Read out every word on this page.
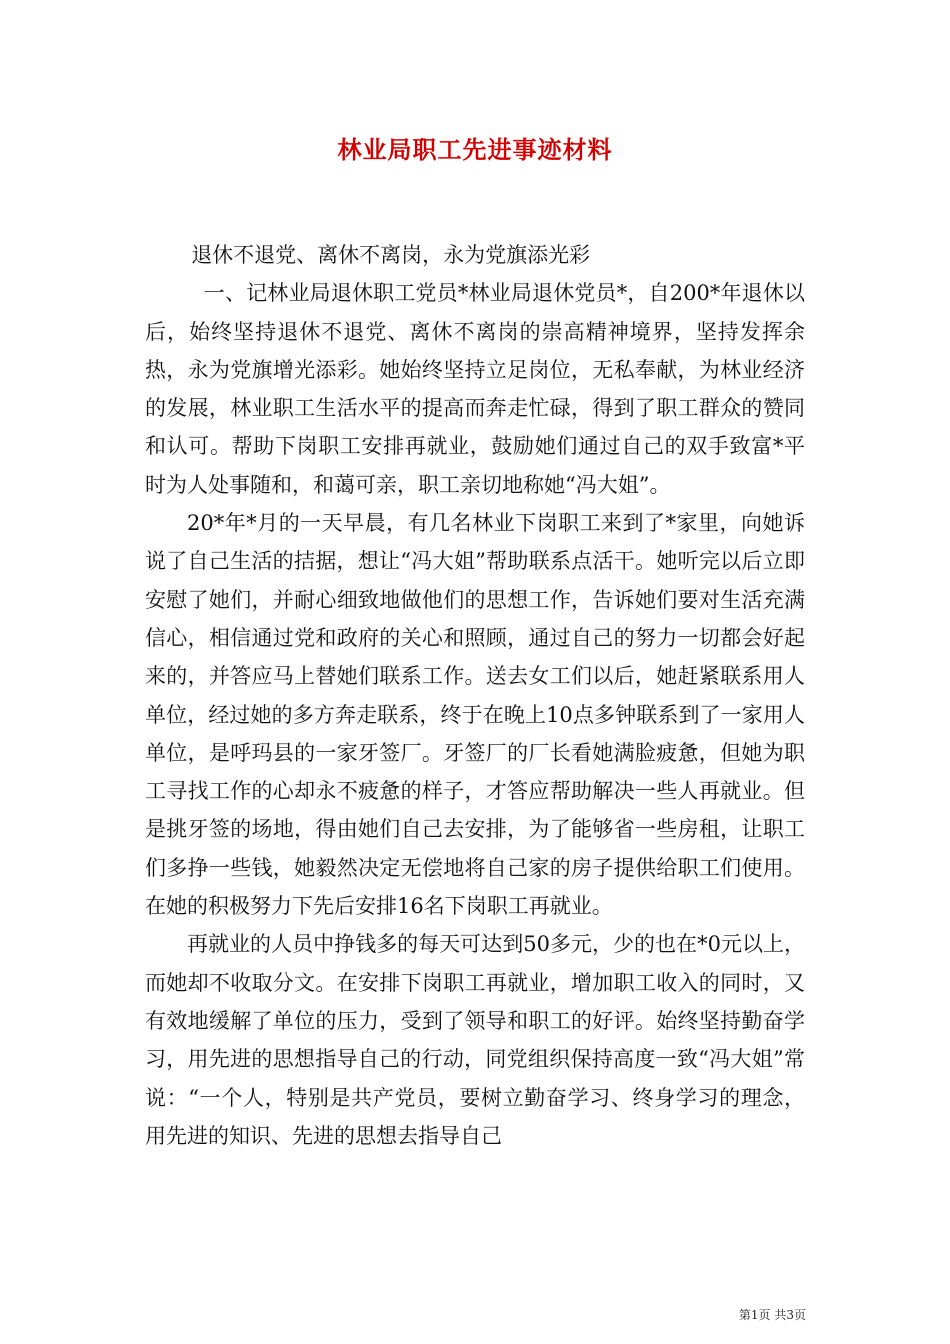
林业局职工先进事迹材料

退休不退党、离休不离岗，永为党旗添光彩

一、记林业局退休职工党员*林业局退休党员*，自200*年退休以后，始终坚持退休不退党、离休不离岗的崇高精神境界，坚持发挥余热，永为党旗增光添彩。她始终坚持立足岗位，无私奉献，为林业经济的发展，林业职工生活水平的提高而奔走忙碌，得到了职工群众的赞同和认可。帮助下岗职工安排再就业，鼓励她们通过自己的双手致富*平时为人处事随和，和蔼可亲，职工亲切地称她“冯大姐”。

20*年*月的一天早晨，有几名林业下岗职工来到了*家里，向她诉说了自己生活的拮据，想让“冯大姐”帮助联系点活干。她听完以后立即安慰了她们，并耐心细致地做他们的思想工作，告诉她们要对生活充满信心，相信通过党和政府的关心和照顾，通过自己的努力一切都会好起来的，并答应马上替她们联系工作。送去女工们以后，她赶紧联系用人单位，经过她的多方奔走联系，终于在晚上10点多钟联系到了一家用人单位，是呼玛县的一家牙签厂。牙签厂的厂长看她满脸疲惫，但她为职工寻找工作的心却永不疲惫的样子，才答应帮助解决一些人再就业。但是挑牙签的场地，得由她们自己去安排，为了能够省一些房租，让职工们多挣一些钱，她毅然决定无偿地将自己家的房子提供给职工们使用。在她的积极努力下先后安排16名下岗职工再就业。

再就业的人员中挣钱多的每天可达到50多元，少的也在*0元以上，而她却不收取分文。在安排下岗职工再就业，增加职工收入的同时，又有效地缓解了单位的压力，受到了领导和职工的好评。始终坚持勤奋学习，用先进的思想指导自己的行动，同党组织保持高度一致“冯大姐”常说：“一个人，特别是共产党员，要树立勤奋学习、终身学习的理念，用先进的知识、先进的思想去指导自己

第1页 共3页
